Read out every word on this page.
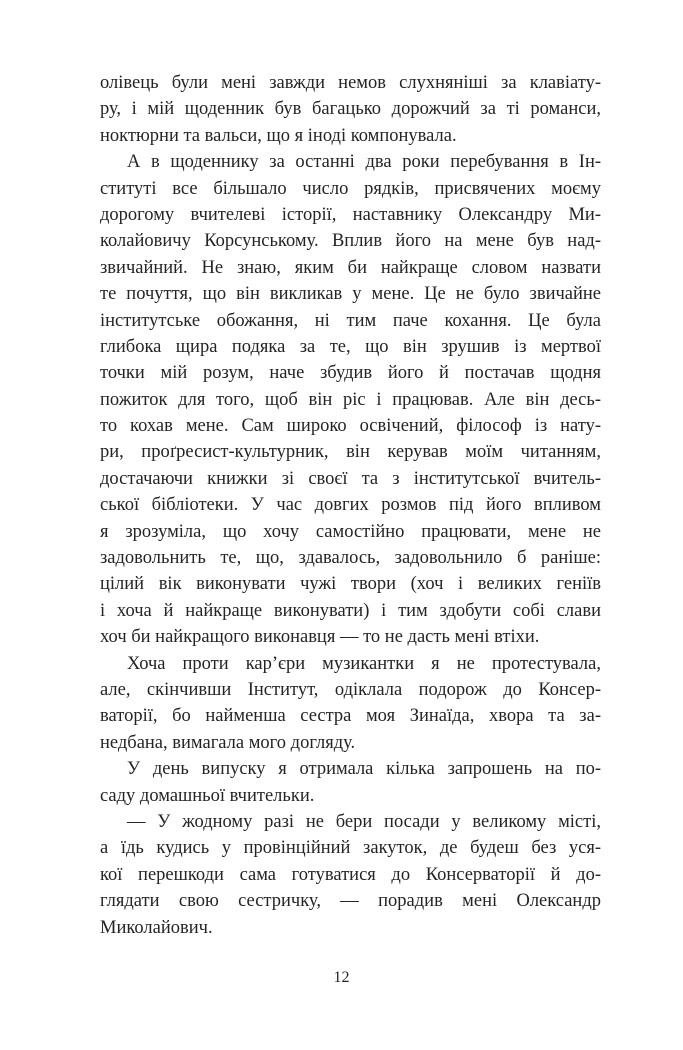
олівець були мені завжди немов слухняніші за клавіату-
ру, і мій щоденник був багацько дорожчий за ті романси,
ноктюрни та вальси, що я іноді компонувала.
А в щоденнику за останні два роки перебування в Ін-
ституті все більшало число рядків, присвячених моєму
дорогому вчителеві історії, наставнику Олександру Ми-
колайовичу Корсунському. Вплив його на мене був над-
звичайний. Не знаю, яким би найкраще словом назвати
те почуття, що він викликав у мене. Це не було звичайне
інститутське обожання, ні тим паче кохання. Це була
глибока щира подяка за те, що він зрушив із мертвої
точки мій розум, наче збудив його й постачав щодня
пожиток для того, щоб він ріс і працював. Але він десь-
то кохав мене. Сам широко освічений, філософ із нату-
ри, проґресист-культурник, він керував моїм читанням,
достачаючи книжки зі своєї та з інститутської вчитель-
ської бібліотеки. У час довгих розмов під його впливом
я зрозуміла, що хочу самостійно працювати, мене не
задовольнить те, що, здавалось, задовольнило б раніше:
цілий вік виконувати чужі твори (хоч і великих геніїв
і хоча й найкраще виконувати) і тим здобути собі слави
хоч би найкращого виконавця — то не дасть мені втіхи.
Хоча проти кар’єри музикантки я не протестувала,
але, скінчивши Інститут, одіклала подорож до Консер-
ваторії, бо найменша сестра моя Зинаїда, хвора та за-
недбана, вимагала мого догляду.
У день випуску я отримала кілька запрошень на по-
саду домашньої вчительки.
— У жодному разі не бери посади у великому місті,
а їдь кудись у провінційний закуток, де будеш без уся-
кої перешкоди сама готуватися до Консерваторії й до-
глядати свою сестричку, — порадив мені Олександр
Миколайович.
12
